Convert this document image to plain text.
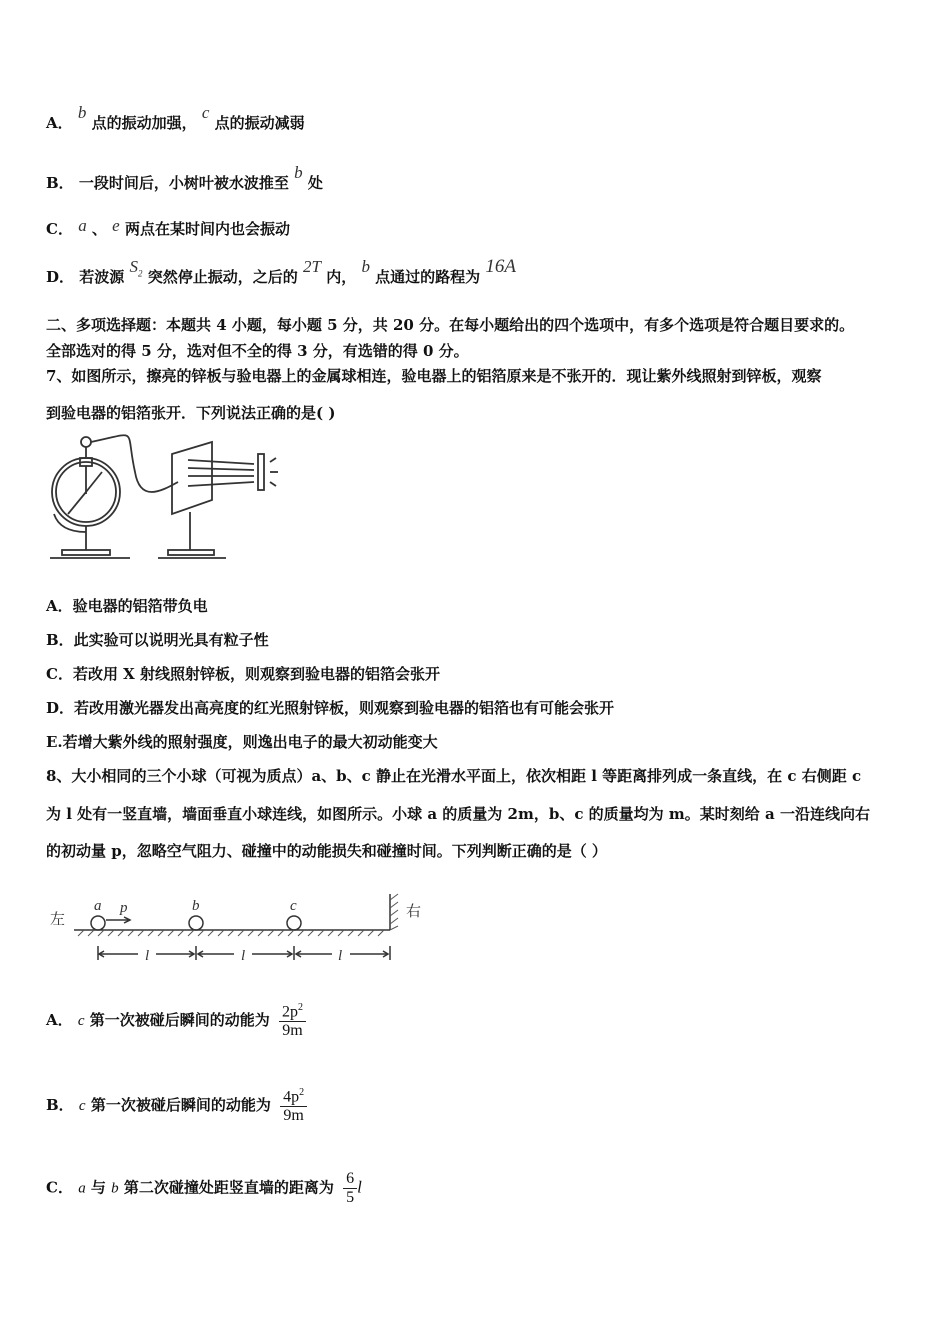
A． b 点的振动加强， c 点的振动减弱
B． 一段时间后，小树叶被水波推至 b 处
C． a 、 e 两点在某时间内也会振动
D． 若波源 $S_2$ 突然停止振动，之后的 2T 内， b 点通过的路程为 16A
二、多项选择题：本题共 4 小题，每小题 5 分，共 20 分。在每小题给出的四个选项中，有多个选项是符合题目要求的。
全部选对的得 5 分，选对但不全的得 3 分，有选错的得 0 分。
7、如图所示，擦亮的锌板与验电器上的金属球相连，验电器上的铝箔原来是不张开的．现让紫外线照射到锌板，观察
到验电器的铝箔张开．下列说法正确的是( )
A．验电器的铝箔带负电
B．此实验可以说明光具有粒子性
C．若改用 X 射线照射锌板，则观察到验电器的铝箔会张开
D．若改用激光器发出高亮度的红光照射锌板，则观察到验电器的铝箔也有可能会张开
E.若增大紫外线的照射强度，则逸出电子的最大初动能变大
8、大小相同的三个小球（可视为质点）a、b、c 静止在光滑水平面上，依次相距 l 等距离排列成一条直线，在 c 右侧距 c
为 l 处有一竖直墙，墙面垂直小球连线，如图所示。小球 a 的质量为 2m，b、c 的质量均为 m。某时刻给 a 一沿连线向右
的初动量 p，忽略空气阻力、碰撞中的动能损失和碰撞时间。下列判断正确的是（ ）
左	右
a p	b	c
l	l	l
A． c 第一次被碰后瞬间的动能为 $\frac{2p^2}{9m}$
B． c 第一次被碰后瞬间的动能为 $\frac{4p^2}{9m}$
C． a 与 b 第二次碰撞处距竖直墙的距离为 $\frac{6}{5}$ l
